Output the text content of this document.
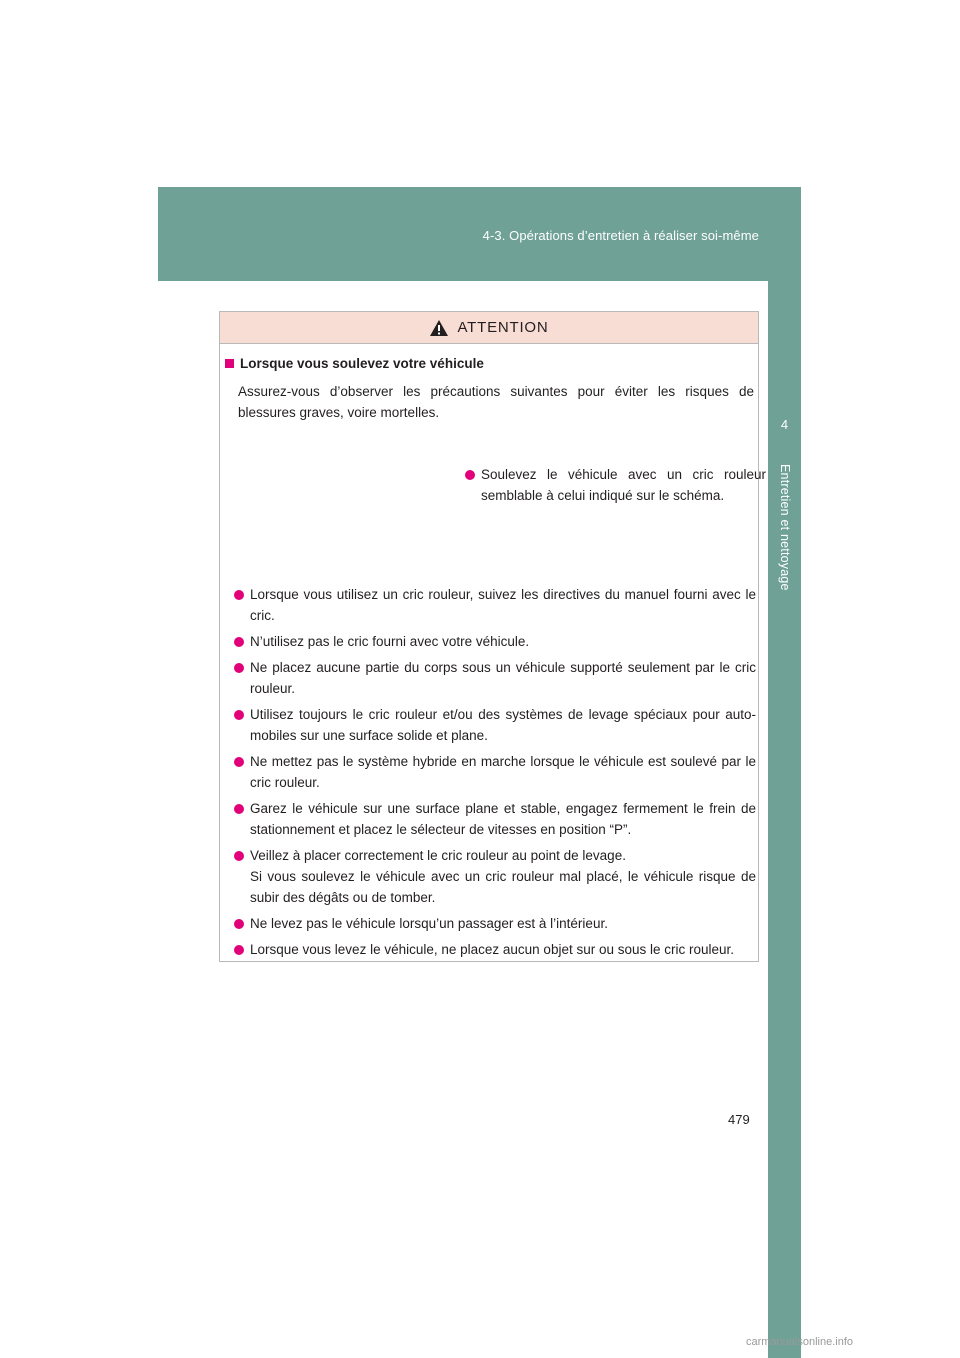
4-3. Opérations d’entretien à réaliser soi-même
4
Entretien et nettoyage
ATTENTION
Lorsque vous soulevez votre véhicule
Assurez-vous d’observer les précautions suivantes pour éviter les risques de blessures graves, voire mortelles.

Soulevez le véhicule avec un cric rouleur semblable à celui indiqué sur le schéma.

Lorsque vous utilisez un cric rouleur, suivez les directives du manuel fourni avec le cric.

N’utilisez pas le cric fourni avec votre véhicule.

Ne placez aucune partie du corps sous un véhicule supporté seulement par le cric rouleur.

Utilisez toujours le cric rouleur et/ou des systèmes de levage spéciaux pour auto- mobiles sur une surface solide et plane.

Ne mettez pas le système hybride en marche lorsque le véhicule est soulevé par le cric rouleur.

Garez le véhicule sur une surface plane et stable, engagez fermement le frein de stationnement et placez le sélecteur de vitesses en position “P”.

Veillez à placer correctement le cric rouleur au point de levage.

Si vous soulevez le véhicule avec un cric rouleur mal placé, le véhicule risque de subir des dégâts ou de tomber.

Ne levez pas le véhicule lorsqu’un passager est à l’intérieur.

Lorsque vous levez le véhicule, ne placez aucun objet sur ou sous le cric rouleur.

479
carmanualsonline.info
